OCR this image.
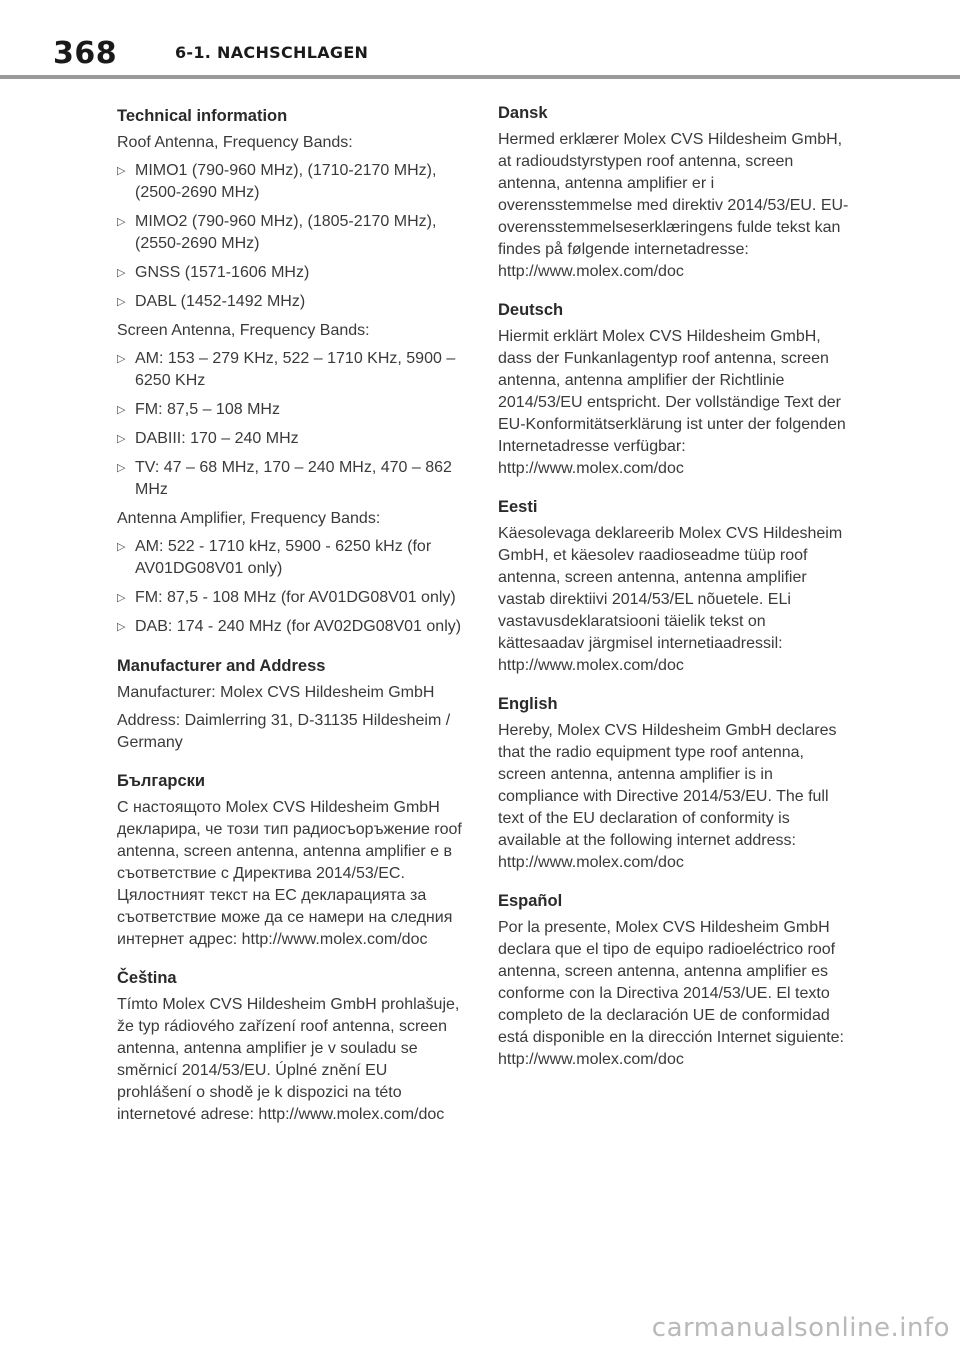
368	6-1. NACHSCHLAGEN
Technical information
Roof Antenna, Frequency Bands:
▷ MIMO1 (790-960 MHz), (1710-2170 MHz), (2500-2690 MHz)
▷ MIMO2 (790-960 MHz), (1805-2170 MHz), (2550-2690 MHz)
▷ GNSS (1571-1606 MHz)
▷ DABL (1452-1492 MHz)
Screen Antenna, Frequency Bands:
▷ AM: 153 – 279 KHz, 522 – 1710 KHz, 5900 – 6250 KHz
▷ FM: 87,5 – 108 MHz
▷ DABIII: 170 – 240 MHz
▷ TV: 47 – 68 MHz, 170 – 240 MHz, 470 – 862 MHz
Antenna Amplifier, Frequency Bands:
▷ AM: 522 - 1710 kHz, 5900 - 6250 kHz (for AV01DG08V01 only)
▷ FM: 87,5 - 108 MHz (for AV01DG08V01 only)
▷ DAB: 174 - 240 MHz (for AV02DG08V01 only)
Manufacturer and Address
Manufacturer: Molex CVS Hildesheim GmbH
Address: Daimlerring 31, D-31135 Hildesheim / Germany
Български
С настоящото Molex CVS Hildesheim GmbH декларира, че този тип радиосъоръжение roof antenna, screen antenna, antenna amplifier е в съответствие с Директива 2014/53/ЕС. Цялостният текст на ЕС декларацията за съответствие може да се намери на следния интернет адрес: http://www.molex.com/doc
Čeština
Tímto Molex CVS Hildesheim GmbH prohlašuje, že typ rádiového zařízení roof antenna, screen antenna, antenna amplifier je v souladu se směrnicí 2014/53/EU. Úplné znění EU prohlášení o shodě je k dispozici na této internetové adrese: http://www.molex.com/doc
Dansk
Hermed erklærer Molex CVS Hildesheim GmbH, at radioudstyrstypen roof antenna, screen antenna, antenna amplifier er i overensstemmelse med direktiv 2014/53/EU. EU-overensstemmelseserklæringens fulde tekst kan findes på følgende internetadresse: http://www.molex.com/doc
Deutsch
Hiermit erklärt Molex CVS Hildesheim GmbH, dass der Funkanlagentyp roof antenna, screen antenna, antenna amplifier der Richtlinie 2014/53/EU entspricht. Der vollständige Text der EU-Konformitätserklärung ist unter der folgenden Internetadresse verfügbar: http://www.molex.com/doc
Eesti
Käesolevaga deklareerib Molex CVS Hildesheim GmbH, et käesolev raadioseadme tüüp roof antenna, screen antenna, antenna amplifier vastab direktiivi 2014/53/EL nõuetele. ELi vastavusdeklaratsiooni täielik tekst on kättesaadav järgmisel internetiaadressil: http://www.molex.com/doc
English
Hereby, Molex CVS Hildesheim GmbH declares that the radio equipment type roof antenna, screen antenna, antenna amplifier is in compliance with Directive 2014/53/EU. The full text of the EU declaration of conformity is available at the following internet address: http://www.molex.com/doc
Español
Por la presente, Molex CVS Hildesheim GmbH declara que el tipo de equipo radioeléctrico roof antenna, screen antenna, antenna amplifier es conforme con la Directiva 2014/53/UE. El texto completo de la declaración UE de conformidad está disponible en la dirección Internet siguiente: http://www.molex.com/doc
carmanualsonline.info
